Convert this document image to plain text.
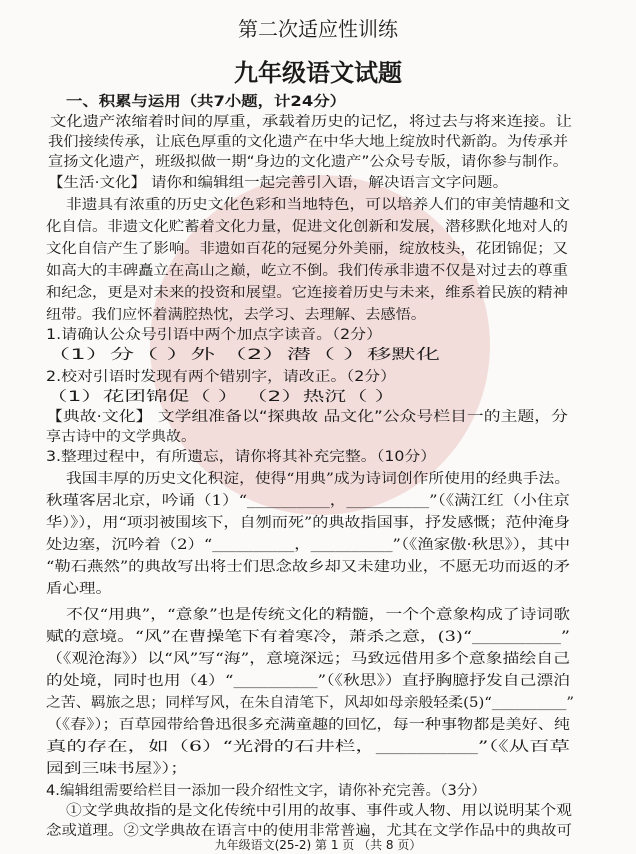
第二次适应性训练
九年级语文试题
一、积累与运用（共7小题，计24分）
文化遗产浓缩着时间的厚重，承载着历史的记忆，将过去与将来连接。让
我们接续传承，让底色厚重的文化遗产在中华大地上绽放时代新韵。为传承并
宣扬文化遗产，班级拟做一期“身边的文化遗产”公众号专版，请你参与制作。
【生活·文化】 请你和编辑组一起完善引入语，解决语言文字问题。
非遗具有浓重的历史文化色彩和当地特色，可以培养人们的审美情趣和文
化自信。非遗文化贮蓄着文化力量，促进文化创新和发展，潜移默化地对人的
文化自信产生了影响。非遗如百花的冠冕分外美丽，绽放枝头，花团锦促；又
如高大的丰碑矗立在高山之巅，屹立不倒。我们传承非遗不仅是对过去的尊重
和纪念，更是对未来的投资和展望。它连接着历史与未来，维系着民族的精神
纽带。我们应怀着满腔热忱，去学习、去理解、去感悟。
1.请确认公众号引语中两个加点字读音。（2分）
（1）分（ ）外 （2）潜（ ）移默化
2.校对引语时发现有两个错别字，请改正。（2分）
（1）花团锦促（ ） （2）热沉（ ）
【典故·文化】 文学组准备以“探典故 品文化”公众号栏目一的主题，分
享古诗中的文学典故。
3.整理过程中，有所遗忘，请你将其补充完整。（10分）
我国丰厚的历史文化积淀，使得“用典”成为诗词创作所使用的经典手法。
秋瑾客居北京，吟诵（1）“__________，__________”（《满江红（小住京
华）》），用“项羽被围垓下，自刎而死”的典故指国事，抒发感慨；范仲淹身
处边塞，沉吟着（2）“__________，__________”（《渔家傲·秋思》），其中
“勒石燕然”的典故写出将士们思念故乡却又未建功业，不愿无功而返的矛
盾心理。
不仅“用典”，“意象”也是传统文化的精髓，一个个意象构成了诗词歌
赋的意境。“风”在曹操笔下有着寒冷，萧杀之意，(3)“__________”
（《观沧海》）以“风”写“海”，意境深远；马致远借用多个意象描绘自己
的处境，同时也用（4）“__________”（《秋思》）直抒胸臆抒发自己漂泊
之苦、羁旅之思；同样写风，在朱自清笔下，风却如母亲般轻柔(5)“__________”
（《春》）；百草园带给鲁迅很多充满童趣的回忆，每一种事物都是美好、纯
真的存在，如（6）“光滑的石井栏，__________”（《从百草
园到三味书屋》）；
4.编辑组需要给栏目一添加一段介绍性文字，请你补充完善。（3分）
①文学典故指的是文化传统中引用的故事、事件或人物、用以说明某个观
念或道理。②文学典故在语言中的使用非常普遍，尤其在文学作品中的典故可
九年级语文(25-2) 第 1 页 （共 8 页）
